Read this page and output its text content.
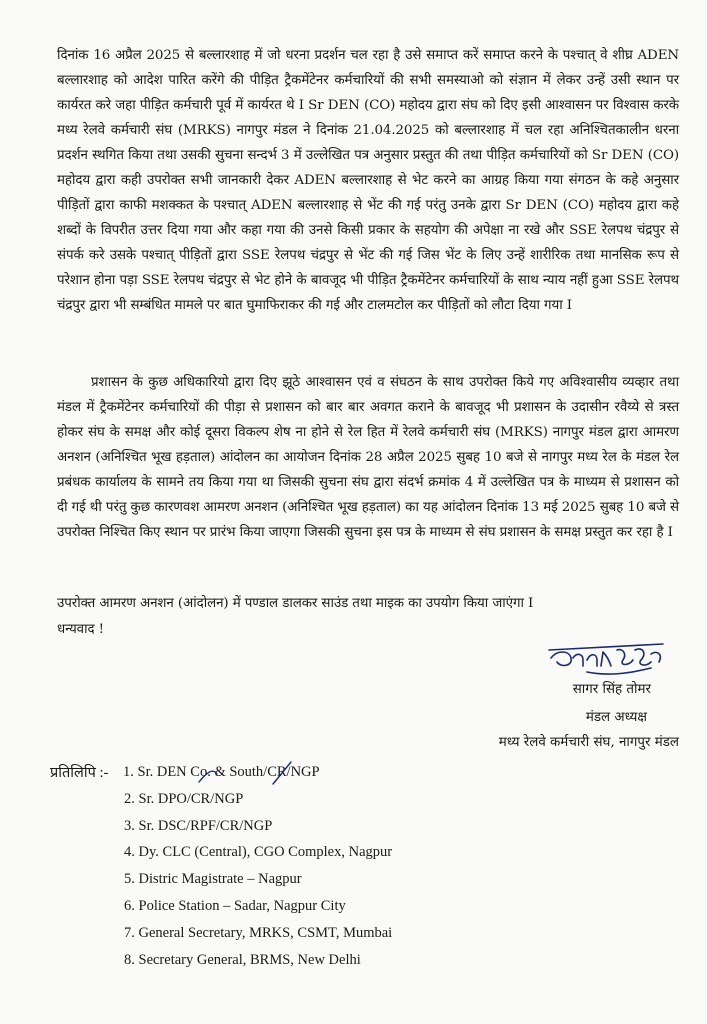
दिनांक 16 अप्रैल 2025 से बल्लारशाह में जो धरना प्रदर्शन चल रहा है उसे समाप्त करें समाप्त करने के पश्चात् वे शीघ्र ADEN बल्लारशाह को आदेश पारित करेंगे की पीड़ित ट्रैकमेंटेनर कर्मचारियों की सभी समस्याओ को संज्ञान में लेकर उन्हें उसी स्थान पर कार्यरत करे जहा पीड़ित कर्मचारी पूर्व में कार्यरत थे I Sr DEN (CO) महोदय द्वारा संघ को दिए इसी आश्वासन पर विश्वास करके मध्य रेलवे कर्मचारी संघ (MRKS) नागपुर मंडल ने दिनांक 21.04.2025 को बल्लारशाह में चल रहा अनिश्चितकालीन धरना प्रदर्शन स्थगित किया तथा उसकी सुचना सन्दर्भ 3 में उल्लेखित पत्र अनुसार प्रस्तुत की तथा पीड़ित कर्मचारियों को Sr DEN (CO) महोदय द्वारा कही उपरोक्त सभी जानकारी देकर ADEN बल्लारशाह से भेट करने का आग्रह किया गया संगठन के कहे अनुसार पीड़ितों द्वारा काफी मशक्कत के पश्चात् ADEN बल्लारशाह से भेंट की गई परंतु उनके द्वारा Sr DEN (CO) महोदय द्वारा कहे शब्दों के विपरीत उत्तर दिया गया और कहा गया की उनसे किसी प्रकार के सहयोग की अपेक्षा ना रखे और SSE रेलपथ चंद्रपुर से संपर्क करे उसके पश्चात् पीड़ितों द्वारा SSE रेलपथ चंद्रपुर से भेंट की गई जिस भेंट के लिए उन्हें शारीरिक तथा मानसिक रूप से परेशान होना पड़ा SSE रेलपथ चंद्रपुर से भेट होने के बावजूद भी पीड़ित ट्रैकमेंटेनर कर्मचारियों के साथ न्याय नहीं हुआ SSE रेलपथ चंद्रपुर द्वारा भी सम्बंधित मामले पर बात घुमाफिराकर की गई और टालमटोल कर पीड़ितों को लौटा दिया गया I
प्रशासन के कुछ अधिकारियो द्वारा दिए झूठे आश्वासन एवं व संघठन के साथ उपरोक्त किये गए अविश्वासीय व्यव्हार तथा मंडल में ट्रैकमेंटेनर कर्मचारियों की पीड़ा से प्रशासन को बार बार अवगत कराने के बावजूद भी प्रशासन के उदासीन रवैय्ये से त्रस्त होकर संघ के समक्ष और कोई दूसरा विकल्प शेष ना होने से रेल हित में रेलवे कर्मचारी संघ (MRKS) नागपुर मंडल द्वारा आमरण अनशन (अनिश्चित भूख हड़ताल) आंदोलन का आयोजन दिनांक 28 अप्रैल 2025 सुबह 10 बजे से नागपुर मध्य रेल के मंडल रेल प्रबंधक कार्यालय के सामने तय किया गया था जिसकी सुचना संघ द्वारा संदर्भ क्रमांक 4 में उल्लेखित पत्र के माध्यम से प्रशासन को दी गई थी परंतु कुछ कारणवश आमरण अनशन (अनिश्चित भूख हड़ताल) का यह आंदोलन दिनांक 13 मई 2025 सुबह 10 बजे से उपरोक्त निश्चित किए स्थान पर प्रारंभ किया जाएगा जिसकी सुचना इस पत्र के माध्यम से संघ प्रशासन के समक्ष प्रस्तुत कर रहा है I
उपरोक्त आमरण अनशन (आंदोलन) में पण्डाल डालकर साउंड तथा माइक का उपयोग किया जाएंगा I
धन्यवाद !
सागर सिंह तोमर
मंडल अध्यक्ष
मध्य रेलवे कर्मचारी संघ, नागपुर मंडल
प्रतिलिपि :- 1. Sr. DEN Co. & South/CR/NGP
2. Sr. DPO/CR/NGP
3. Sr. DSC/RPF/CR/NGP
4. Dy. CLC (Central), CGO Complex, Nagpur
5. Distric Magistrate – Nagpur
6. Police Station – Sadar, Nagpur City
7. General Secretary, MRKS, CSMT, Mumbai
8. Secretary General, BRMS, New Delhi
